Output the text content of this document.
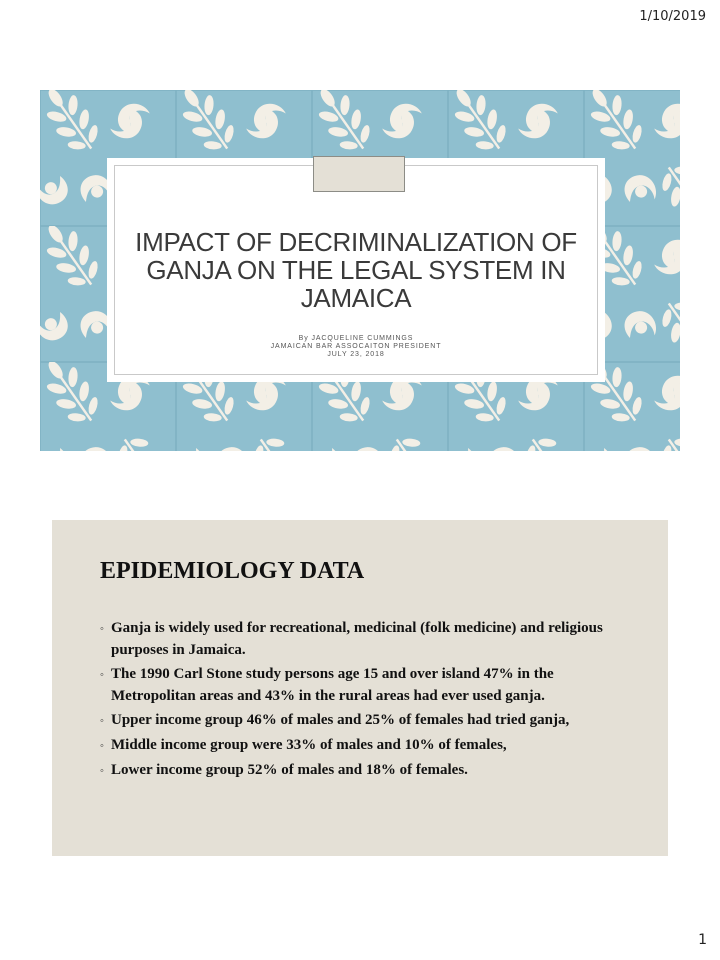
1/10/2019
IMPACT OF DECRIMINALIZATION OF
GANJA ON THE LEGAL SYSTEM IN
JAMAICA
By JACQUELINE CUMMINGS
JAMAICAN BAR ASSOCAITON PRESIDENT
JULY 23, 2018
EPIDEMIOLOGY DATA
◦ Ganja is widely used for recreational, medicinal (folk medicine) and religious purposes in Jamaica.
◦ The 1990 Carl Stone study persons age 15 and over island 47% in the Metropolitan areas and 43% in the rural areas had ever used ganja.
◦ Upper income group 46% of males and 25% of females had tried ganja,
◦ Middle income group were 33% of males and 10% of females,
◦ Lower income group 52% of males and 18% of females.
1
